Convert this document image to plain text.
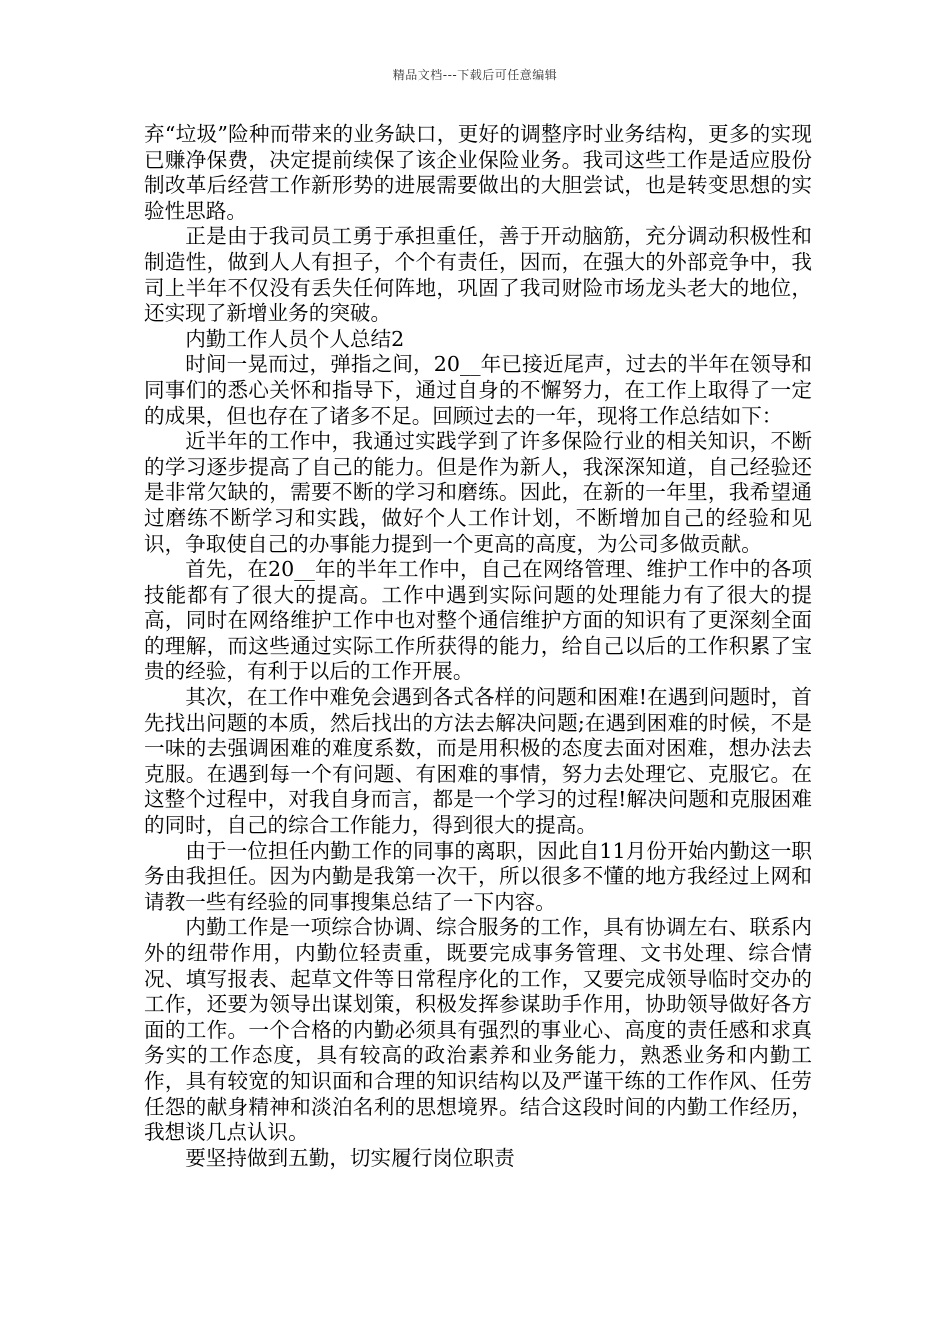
精品文档---下载后可任意编辑

弃“垃圾”险种而带来的业务缺口，更好的调整序时业务结构，更多的实现已赚净保费，决定提前续保了该企业保险业务。我司这些工作是适应股份制改革后经营工作新形势的进展需要做出的大胆尝试，也是转变思想的实验性思路。

正是由于我司员工勇于承担重任，善于开动脑筋，充分调动积极性和制造性，做到人人有担子，个个有责任，因而，在强大的外部竞争中，我司上半年不仅没有丢失任何阵地，巩固了我司财险市场龙头老大的地位，还实现了新增业务的突破。

内勤工作人员个人总结2

时间一晃而过，弹指之间，20__年已接近尾声，过去的半年在领导和同事们的悉心关怀和指导下，通过自身的不懈努力，在工作上取得了一定的成果，但也存在了诸多不足。回顾过去的一年，现将工作总结如下：

近半年的工作中，我通过实践学到了许多保险行业的相关知识，不断的学习逐步提高了自己的能力。但是作为新人，我深深知道，自己经验还是非常欠缺的，需要不断的学习和磨练。因此，在新的一年里，我希望通过磨练不断学习和实践，做好个人工作计划，不断增加自己的经验和见识，争取使自己的办事能力提到一个更高的高度，为公司多做贡献。

首先，在20__年的半年工作中，自己在网络管理、维护工作中的各项技能都有了很大的提高。工作中遇到实际问题的处理能力有了很大的提高，同时在网络维护工作中也对整个通信维护方面的知识有了更深刻全面的理解，而这些通过实际工作所获得的能力，给自己以后的工作积累了宝贵的经验，有利于以后的工作开展。

其次，在工作中难免会遇到各式各样的问题和困难!在遇到问题时，首先找出问题的本质，然后找出的方法去解决问题;在遇到困难的时候，不是一味的去强调困难的难度系数，而是用积极的态度去面对困难，想办法去克服。在遇到每一个有问题、有困难的事情，努力去处理它、克服它。在这整个过程中，对我自身而言，都是一个学习的过程!解决问题和克服困难的同时，自己的综合工作能力，得到很大的提高。

由于一位担任内勤工作的同事的离职，因此自11月份开始内勤这一职务由我担任。因为内勤是我第一次干，所以很多不懂的地方我经过上网和请教一些有经验的同事搜集总结了一下内容。

内勤工作是一项综合协调、综合服务的工作，具有协调左右、联系内外的纽带作用，内勤位轻责重，既要完成事务管理、文书处理、综合情况、填写报表、起草文件等日常程序化的工作，又要完成领导临时交办的工作，还要为领导出谋划策，积极发挥参谋助手作用，协助领导做好各方面的工作。一个合格的内勤必须具有强烈的事业心、高度的责任感和求真务实的工作态度，具有较高的政治素养和业务能力，熟悉业务和内勤工作，具有较宽的知识面和合理的知识结构以及严谨干练的工作作风、任劳任怨的献身精神和淡泊名利的思想境界。结合这段时间的内勤工作经历，我想谈几点认识。

要坚持做到五勤，切实履行岗位职责
